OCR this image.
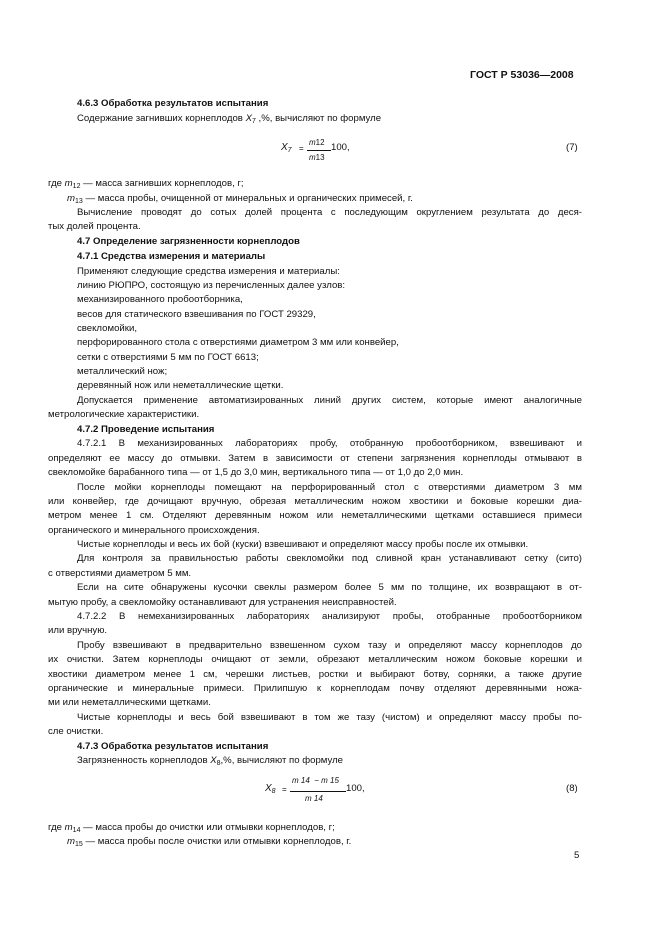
ГОСТ Р 53036—2008
4.6.3 Обработка результатов испытания
Содержание загнивших корнеплодов $X_7$ ,%, вычисляют по формуле
$X_7$ =
m12
m13
100,	(7)
где $m_{12}$ — масса загнивших корнеплодов, г;
$m_{13}$ — масса пробы, очищенной от минеральных и органических примесей, г.
Вычисление проводят до сотых долей процента с последующим округлением результата до деся-
тых долей процента.
4.7 Определение загрязненности корнеплодов
4.7.1 Средства измерения и материалы
Применяют следующие средства измерения и материалы:
линию РЮПРО, состоящую из перечисленных далее узлов:
механизированного пробоотборника,
весов для статического взвешивания по ГОСТ 29329,
свекломойки,
перфорированного стола с отверстиями диаметром 3 мм или конвейер,
сетки с отверстиями 5 мм по ГОСТ 6613;
металлический нож;
деревянный нож или неметаллические щетки.
Допускается применение автоматизированных линий других систем, которые имеют аналогичные
метрологические характеристики.
4.7.2 Проведение испытания
4.7.2.1 В механизированных лабораториях пробу, отобранную пробоотборником, взвешивают и
определяют ее массу до отмывки. Затем в зависимости от степени загрязнения корнеплоды отмывают в
свекломойке барабанного типа — от 1,5 до 3,0 мин, вертикального типа — от 1,0 до 2,0 мин.
После мойки корнеплоды помещают на перфорированный стол с отверстиями диаметром 3 мм
или конвейер, где дочищают вручную, обрезая металлическим ножом хвостики и боковые корешки диа-
метром менее 1 см. Отделяют деревянным ножом или неметаллическими щетками оставшиеся примеси
органического и минерального происхождения.
Чистые корнеплоды и весь их бой (куски) взвешивают и определяют массу пробы после их отмывки.
Для контроля за правильностью работы свекломойки под сливной кран устанавливают сетку (сито)
с отверстиями диаметром 5 мм.
Если на сите обнаружены кусочки свеклы размером более 5 мм по толщине, их возвращают в от-
мытую пробу, а свекломойку останавливают для устранения неисправностей.
4.7.2.2 В немеханизированных лабораториях анализируют пробы, отобранные пробоотборником
или вручную.
Пробу взвешивают в предварительно взвешенном сухом тазу и определяют массу корнеплодов до
их очистки. Затем корнеплоды очищают от земли, обрезают металлическим ножом боковые корешки и
хвостики диаметром менее 1 см, черешки листьев, ростки и выбирают ботву, сорняки, а также другие
органические и минеральные примеси. Прилипшую к корнеплодам почву отделяют деревянными ножа-
ми или неметаллическими щетками.
Чистые корнеплоды и весь бой взвешивают в том же тазу (чистом) и определяют массу пробы по-
сле очистки.
4.7.3 Обработка результатов испытания
Загрязненность корнеплодов $X_8,\%$, вычисляют по формуле
$X_8$ =
m 14  − m 15
m 14
100,	(8)
где $m_{14}$ — масса пробы до очистки или отмывки корнеплодов, г;
$m_{15}$ — масса пробы после очистки или отмывки корнеплодов, г.
5
